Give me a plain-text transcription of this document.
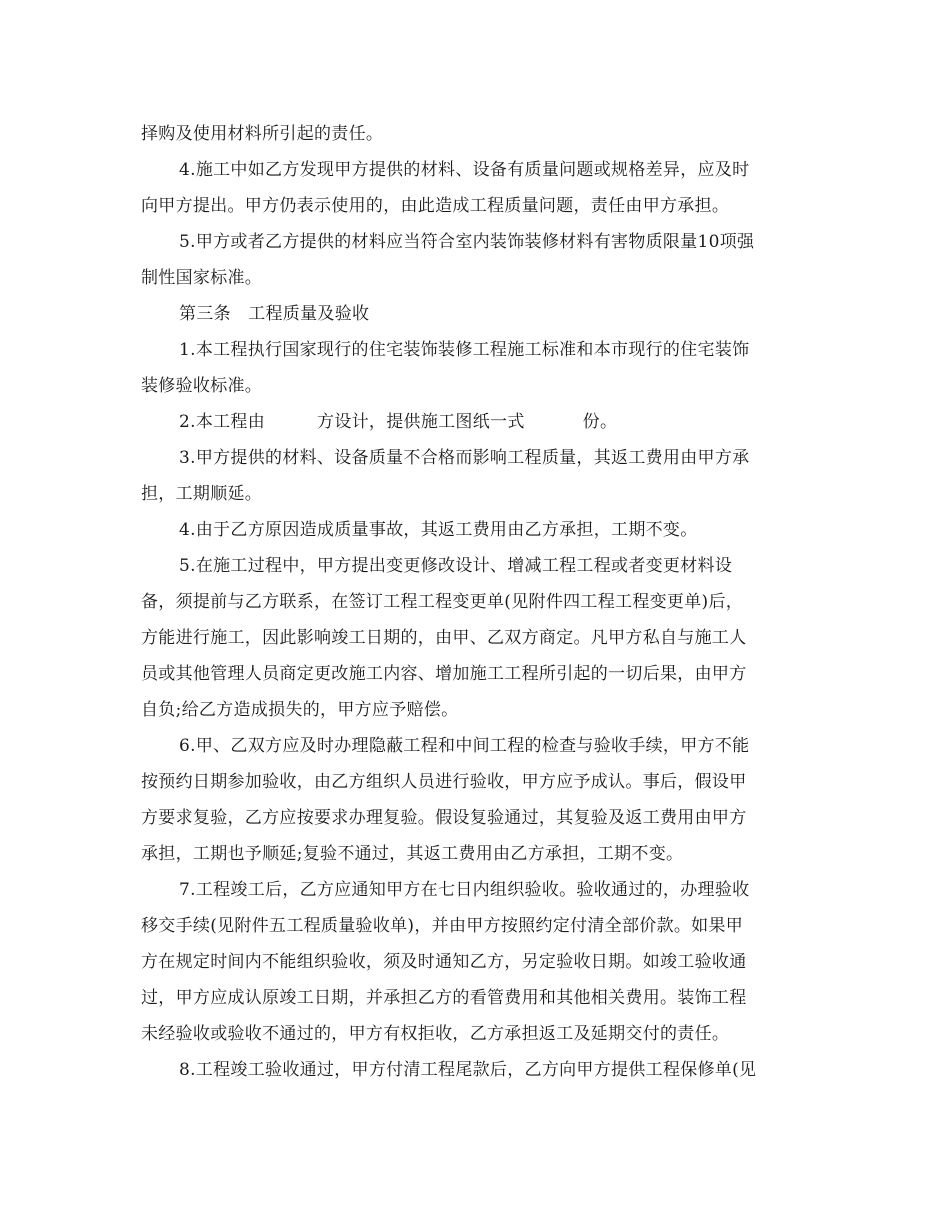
择购及使用材料所引起的责任。

4.施工中如乙方发现甲方提供的材料、设备有质量问题或规格差异，应及时

向甲方提出。甲方仍表示使用的，由此造成工程质量问题，责任由甲方承担。

5.甲方或者乙方提供的材料应当符合室内装饰装修材料有害物质限量10项强

制性国家标准。

第三条　工程质量及验收

1.本工程执行国家现行的住宅装饰装修工程施工标准和本市现行的住宅装饰

装修验收标准。

2.本工程由	方设计，提供施工图纸一式	份。

3.甲方提供的材料、设备质量不合格而影响工程质量，其返工费用由甲方承

担，工期顺延。

4.由于乙方原因造成质量事故，其返工费用由乙方承担，工期不变。

5.在施工过程中，甲方提出变更修改设计、增减工程工程或者变更材料设

备，须提前与乙方联系，在签订工程工程变更单(见附件四工程工程变更单)后，

方能进行施工，因此影响竣工日期的，由甲、乙双方商定。凡甲方私自与施工人

员或其他管理人员商定更改施工内容、增加施工工程所引起的一切后果，由甲方

自负;给乙方造成损失的，甲方应予赔偿。

6.甲、乙双方应及时办理隐蔽工程和中间工程的检查与验收手续，甲方不能

按预约日期参加验收，由乙方组织人员进行验收，甲方应予成认。事后，假设甲

方要求复验，乙方应按要求办理复验。假设复验通过，其复验及返工费用由甲方

承担，工期也予顺延;复验不通过，其返工费用由乙方承担，工期不变。

7.工程竣工后，乙方应通知甲方在七日内组织验收。验收通过的，办理验收

移交手续(见附件五工程质量验收单)，并由甲方按照约定付清全部价款。如果甲

方在规定时间内不能组织验收，须及时通知乙方，另定验收日期。如竣工验收通

过，甲方应成认原竣工日期，并承担乙方的看管费用和其他相关费用。装饰工程

未经验收或验收不通过的，甲方有权拒收，乙方承担返工及延期交付的责任。

8.工程竣工验收通过，甲方付清工程尾款后，乙方向甲方提供工程保修单(见
